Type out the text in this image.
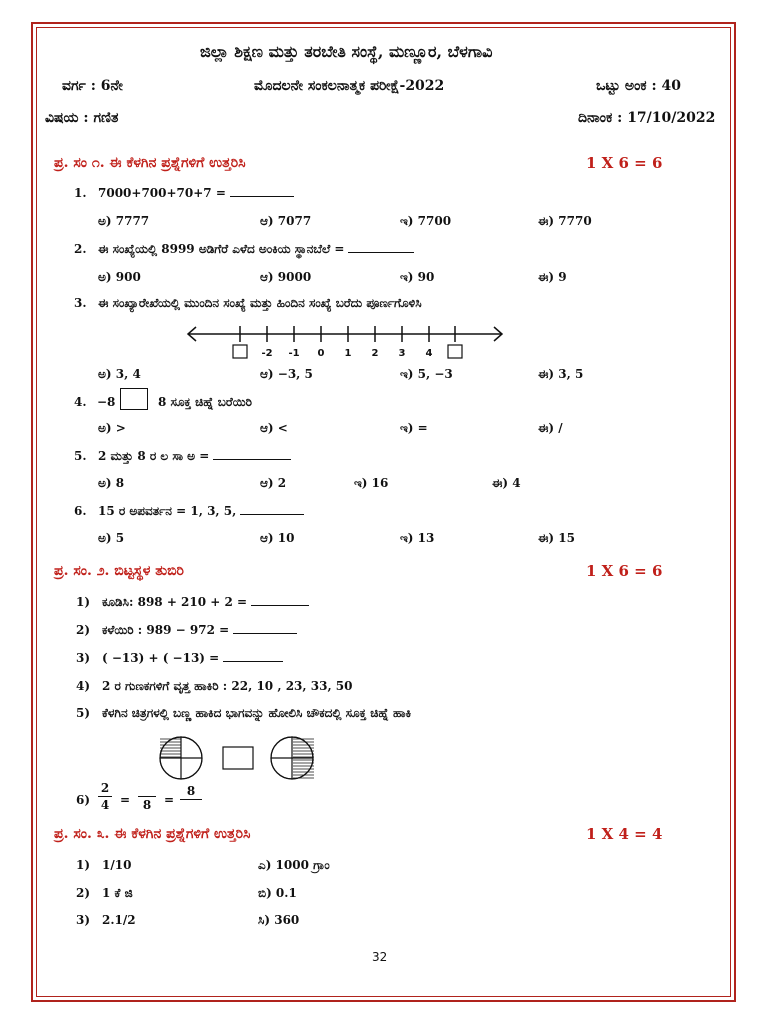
ಜಿಲ್ಲಾ ಶಿಕ್ಷಣ ಮತ್ತು ತರಬೇತಿ ಸಂಸ್ಥೆ, ಮಣ್ಣೂರ, ಬೆಳಗಾವಿ
ವರ್ಗ : 6ನೇ	ಮೊದಲನೇ ಸಂಕಲನಾತ್ಮಕ ಪರೀಕ್ಷೆ-2022	ಒಟ್ಟು ಅಂಕ : 40
ವಿಷಯ : ಗಣಿತ	ದಿನಾಂಕ : 17/10/2022
ಪ್ರ. ಸಂ ೧. ಈ ಕೆಳಗಿನ ಪ್ರಶ್ನೆಗಳಿಗೆ ಉತ್ತರಿಸಿ	1 X 6 = 6
1. 7000+700+70+7 =
ಅ) 7777	ಆ) 7077	ಇ) 7700	ಈ) 7770
2. ಈ ಸಂಖ್ಯೆಯಲ್ಲಿ 8999 ಅಡಿಗೆರೆ ಎಳೆದ ಅಂಕಿಯ ಸ್ಥಾನಬೆಲೆ =
ಅ) 900	ಆ) 9000	ಇ) 90	ಈ) 9
3. ಈ ಸಂಖ್ಯಾರೇಖೆಯಲ್ಲಿ ಮುಂದಿನ ಸಂಖ್ಯೆ ಮತ್ತು ಹಿಂದಿನ ಸಂಖ್ಯೆ ಬರೆದು ಪೂರ್ಣಗೊಳಿಸಿ
-2 -1 0 1 2 3 4
ಅ) 3, 4	ಆ) −3, 5	ಇ) 5, −3	ಈ) 3, 5
4. −8	8 ಸೂಕ್ತ ಚಿಹ್ನೆ ಬರೆಯಿರಿ
ಅ) >	ಆ) <	ಇ) =	ಈ) /
5. 2 ಮತ್ತು 8 ರ ಲ ಸಾ ಅ =
ಅ) 8	ಆ) 2	ಇ) 16	ಈ) 4
6. 15 ರ ಅಪವರ್ತನ = 1, 3, 5,
ಅ) 5	ಆ) 10	ಇ) 13	ಈ) 15
ಪ್ರ. ಸಂ. ೨. ಬಿಟ್ಟಸ್ಥಳ ತುಬಿರಿ	1 X 6 = 6
1) ಕೂಡಿಸಿ: 898 + 210 + 2 =
2) ಕಳೆಯಿರಿ : 989 − 972 =
3) ( −13) + ( −13) =
4) 2 ರ ಗುಣಕಗಳಿಗೆ ವೃತ್ತ ಹಾಕಿರಿ : 22, 10 , 23, 33, 50
5) ಕೆಳಗಿನ ಚಿತ್ರಗಳಲ್ಲಿ ಬಣ್ಣ ಹಾಕಿದ ಭಾಗವನ್ನು ಹೋಲಿಸಿ ಚೌಕದಲ್ಲಿ ಸೂಕ್ತ ಚಿಹ್ನೆ ಹಾಕಿ
6)
2
4 =	8	=
8
ಪ್ರ. ಸಂ. ೩. ಈ ಕೆಳಗಿನ ಪ್ರಶ್ನೆಗಳಿಗೆ ಉತ್ತರಿಸಿ	1 X 4 = 4
1) 1/10	ಎ) 1000 ಗ್ರಾಂ
2) 1 ಕೆ ಜಿ	ಬಿ) 0.1
3) 2.1/2	ಸಿ) 360
32
